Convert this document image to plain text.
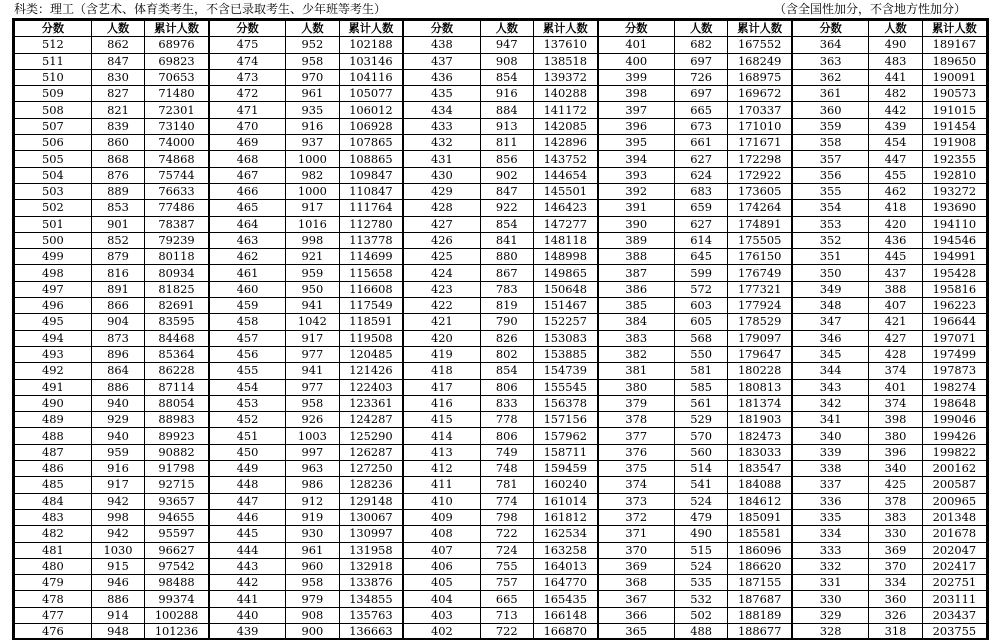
科类：理工（含艺术、体育类考生，不含已录取考生、少年班等考生）	（含全国性加分，不含地方性加分）
分数	人数	累计人数	分数	人数	累计人数	分数	人数	累计人数	分数	人数	累计人数	分数	人数	累计人数
512	862	68976	475	952	102188	438	947	137610	401	682	167552	364	490	189167
511	847	69823	474	958	103146	437	908	138518	400	697	168249	363	483	189650
510	830	70653	473	970	104116	436	854	139372	399	726	168975	362	441	190091
509	827	71480	472	961	105077	435	916	140288	398	697	169672	361	482	190573
508	821	72301	471	935	106012	434	884	141172	397	665	170337	360	442	191015
507	839	73140	470	916	106928	433	913	142085	396	673	171010	359	439	191454
506	860	74000	469	937	107865	432	811	142896	395	661	171671	358	454	191908
505	868	74868	468	1000	108865	431	856	143752	394	627	172298	357	447	192355
504	876	75744	467	982	109847	430	902	144654	393	624	172922	356	455	192810
503	889	76633	466	1000	110847	429	847	145501	392	683	173605	355	462	193272
502	853	77486	465	917	111764	428	922	146423	391	659	174264	354	418	193690
501	901	78387	464	1016	112780	427	854	147277	390	627	174891	353	420	194110
500	852	79239	463	998	113778	426	841	148118	389	614	175505	352	436	194546
499	879	80118	462	921	114699	425	880	148998	388	645	176150	351	445	194991
498	816	80934	461	959	115658	424	867	149865	387	599	176749	350	437	195428
497	891	81825	460	950	116608	423	783	150648	386	572	177321	349	388	195816
496	866	82691	459	941	117549	422	819	151467	385	603	177924	348	407	196223
495	904	83595	458	1042	118591	421	790	152257	384	605	178529	347	421	196644
494	873	84468	457	917	119508	420	826	153083	383	568	179097	346	427	197071
493	896	85364	456	977	120485	419	802	153885	382	550	179647	345	428	197499
492	864	86228	455	941	121426	418	854	154739	381	581	180228	344	374	197873
491	886	87114	454	977	122403	417	806	155545	380	585	180813	343	401	198274
490	940	88054	453	958	123361	416	833	156378	379	561	181374	342	374	198648
489	929	88983	452	926	124287	415	778	157156	378	529	181903	341	398	199046
488	940	89923	451	1003	125290	414	806	157962	377	570	182473	340	380	199426
487	959	90882	450	997	126287	413	749	158711	376	560	183033	339	396	199822
486	916	91798	449	963	127250	412	748	159459	375	514	183547	338	340	200162
485	917	92715	448	986	128236	411	781	160240	374	541	184088	337	425	200587
484	942	93657	447	912	129148	410	774	161014	373	524	184612	336	378	200965
483	998	94655	446	919	130067	409	798	161812	372	479	185091	335	383	201348
482	942	95597	445	930	130997	408	722	162534	371	490	185581	334	330	201678
481	1030	96627	444	961	131958	407	724	163258	370	515	186096	333	369	202047
480	915	97542	443	960	132918	406	755	164013	369	524	186620	332	370	202417
479	946	98488	442	958	133876	405	757	164770	368	535	187155	331	334	202751
478	886	99374	441	979	134855	404	665	165435	367	532	187687	330	360	203111
477	914	100288	440	908	135763	403	713	166148	366	502	188189	329	326	203437
476	948	101236	439	900	136663	402	722	166870	365	488	188677	328	318	203755
